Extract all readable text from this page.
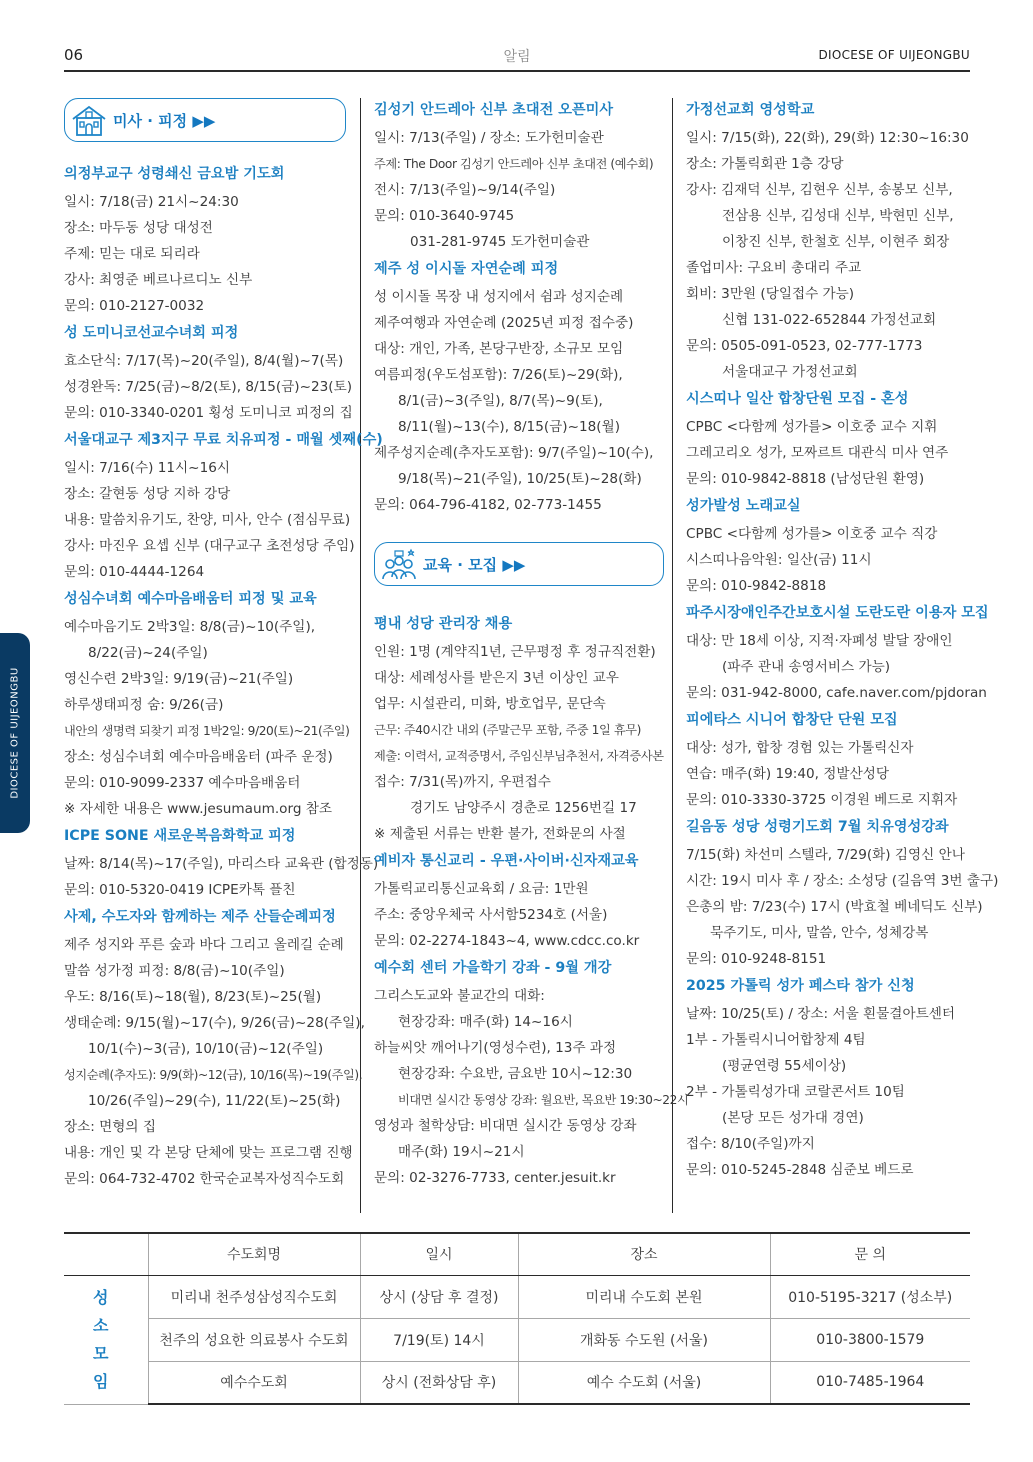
06	알림	DIOCESE OF UIJEONGBU
DIOCESE OF UIJEONGBU
미사 · 피정 ▶▶
의정부교구 성령쇄신 금요밤 기도회
일시: 7/18(금) 21시~24:30
장소: 마두동 성당 대성전
주제: 믿는 대로 되리라
강사: 최영준 베르나르디노 신부
문의: 010-2127-0032
성 도미니코선교수녀회 피정
효소단식: 7/17(목)~20(주일), 8/4(월)~7(목)
성경완독: 7/25(금)~8/2(토), 8/15(금)~23(토)
문의: 010-3340-0201 횡성 도미니코 피정의 집
서울대교구 제3지구 무료 치유피정 - 매월 셋째(수)
일시: 7/16(수) 11시~16시
장소: 갈현동 성당 지하 강당
내용: 말씀치유기도, 찬양, 미사, 안수 (점심무료)
강사: 마진우 요셉 신부 (대구교구 초전성당 주임)
문의: 010-4444-1264
성심수녀회 예수마음배움터 피정 및 교육
예수마음기도 2박3일: 8/8(금)~10(주일),
8/22(금)~24(주일)
영신수련 2박3일: 9/19(금)~21(주일)
하루생태피정 숨: 9/26(금)
내안의 생명력 되찾기 피정 1박2일: 9/20(토)~21(주일)
장소: 성심수녀회 예수마음배움터 (파주 운정)
문의: 010-9099-2337 예수마음배움터
※ 자세한 내용은 www.jesumaum.org 참조
ICPE SONE 새로운복음화학교 피정
날짜: 8/14(목)~17(주일), 마리스타 교육관 (합정동)
문의: 010-5320-0419 ICPE카톡 플친
사제, 수도자와 함께하는 제주 산들순례피정
제주 성지와 푸른 숲과 바다 그리고 올레길 순례
말씀 성가정 피정: 8/8(금)~10(주일)
우도: 8/16(토)~18(월), 8/23(토)~25(월)
생태순례: 9/15(월)~17(수), 9/26(금)~28(주일),
10/1(수)~3(금), 10/10(금)~12(주일)
성지순례(추자도): 9/9(화)~12(금), 10/16(목)~19(주일),
10/26(주일)~29(수), 11/22(토)~25(화)
장소: 면형의 집
내용: 개인 및 각 본당 단체에 맞는 프로그램 진행
문의: 064-732-4702 한국순교복자성직수도회
김성기 안드레아 신부 초대전 오픈미사
일시: 7/13(주일) / 장소: 도가헌미술관
주제: The Door 김성기 안드레아 신부 초대전 (예수회)
전시: 7/13(주일)~9/14(주일)
문의: 010-3640-9745
031-281-9745 도가헌미술관
제주 성 이시돌 자연순례 피정
성 이시돌 목장 내 성지에서 쉼과 성지순례
제주여행과 자연순례 (2025년 피정 접수중)
대상: 개인, 가족, 본당구반장, 소규모 모임
여름피정(우도섬포함): 7/26(토)~29(화),
8/1(금)~3(주일), 8/7(목)~9(토),
8/11(월)~13(수), 8/15(금)~18(월)
제주성지순례(추자도포함): 9/7(주일)~10(수),
9/18(목)~21(주일), 10/25(토)~28(화)
문의: 064-796-4182, 02-773-1455
교육 · 모집 ▶▶
평내 성당 관리장 채용
인원: 1명 (계약직1년, 근무평정 후 정규직전환)
대상: 세례성사를 받은지 3년 이상인 교우
업무: 시설관리, 미화, 방호업무, 문단속
근무: 주40시간 내외 (주말근무 포함, 주중 1일 휴무)
제출: 이력서, 교적증명서, 주임신부님추천서, 자격증사본
접수: 7/31(목)까지, 우편접수
경기도 남양주시 경춘로 1256번길 17
※ 제출된 서류는 반환 불가, 전화문의 사절
예비자 통신교리 - 우편·사이버·신자재교육
가톨릭교리통신교육회 / 요금: 1만원
주소: 중앙우체국 사서함5234호 (서울)
문의: 02-2274-1843~4, www.cdcc.co.kr
예수회 센터 가을학기 강좌 - 9월 개강
그리스도교와 불교간의 대화:
현장강좌: 매주(화) 14~16시
하늘씨앗 깨어나기(영성수련), 13주 과정
현장강좌: 수요반, 금요반 10시~12:30
비대면 실시간 동영상 강좌: 월요반, 목요반 19:30~22시
영성과 철학상담: 비대면 실시간 동영상 강좌
매주(화) 19시~21시
문의: 02-3276-7733, center.jesuit.kr
가정선교회 영성학교
일시: 7/15(화), 22(화), 29(화) 12:30~16:30
장소: 가톨릭회관 1층 강당
강사: 김재덕 신부, 김현우 신부, 송봉모 신부,
전삼용 신부, 김성대 신부, 박현민 신부,
이창진 신부, 한철호 신부, 이현주 회장
졸업미사: 구요비 총대리 주교
회비: 3만원 (당일접수 가능)
신협 131-022-652844 가정선교회
문의: 0505-091-0523, 02-777-1773
서울대교구 가정선교회
시스띠나 일산 합창단원 모집 - 혼성
CPBC <다함께 성가를> 이호중 교수 지휘
그레고리오 성가, 모짜르트 대관식 미사 연주
문의: 010-9842-8818 (남성단원 환영)
성가발성 노래교실
CPBC <다함께 성가를> 이호중 교수 직강
시스띠나음악원: 일산(금) 11시
문의: 010-9842-8818
파주시장애인주간보호시설 도란도란 이용자 모집
대상: 만 18세 이상, 지적·자폐성 발달 장애인
(파주 관내 송영서비스 가능)
문의: 031-942-8000, cafe.naver.com/pjdoran
피에타스 시니어 합창단 단원 모집
대상: 성가, 합창 경험 있는 가톨릭신자
연습: 매주(화) 19:40, 정발산성당
문의: 010-3330-3725 이경원 베드로 지휘자
길음동 성당 성령기도회 7월 치유영성강좌
7/15(화) 차선미 스텔라, 7/29(화) 김영신 안나
시간: 19시 미사 후 / 장소: 소성당 (길음역 3번 출구)
은총의 밤: 7/23(수) 17시 (박효철 베네딕도 신부)
묵주기도, 미사, 말씀, 안수, 성체강복
문의: 010-9248-8151
2025 가톨릭 성가 페스타 참가 신청
날짜: 10/25(토) / 장소: 서울 흰물결아트센터
1부 - 가톨릭시니어합창제 4팀
(평균연령 55세이상)
2부 - 가톨릭성가대 코랄콘서트 10팀
(본당 모든 성가대 경연)
접수: 8/10(주일)까지
문의: 010-5245-2848 심준보 베드로
	수도회명	일시	장소	문 의

성 소 모 임	미리내 천주성삼성직수도회	상시 (상담 후 결정)	미리내 수도회 본원	010-5195-3217 (성소부)
	천주의 성요한 의료봉사 수도회	7/19(토) 14시	개화동 수도원 (서울)	010-3800-1579
	예수수도회	상시 (전화상담 후)	예수 수도회 (서울)	010-7485-1964
